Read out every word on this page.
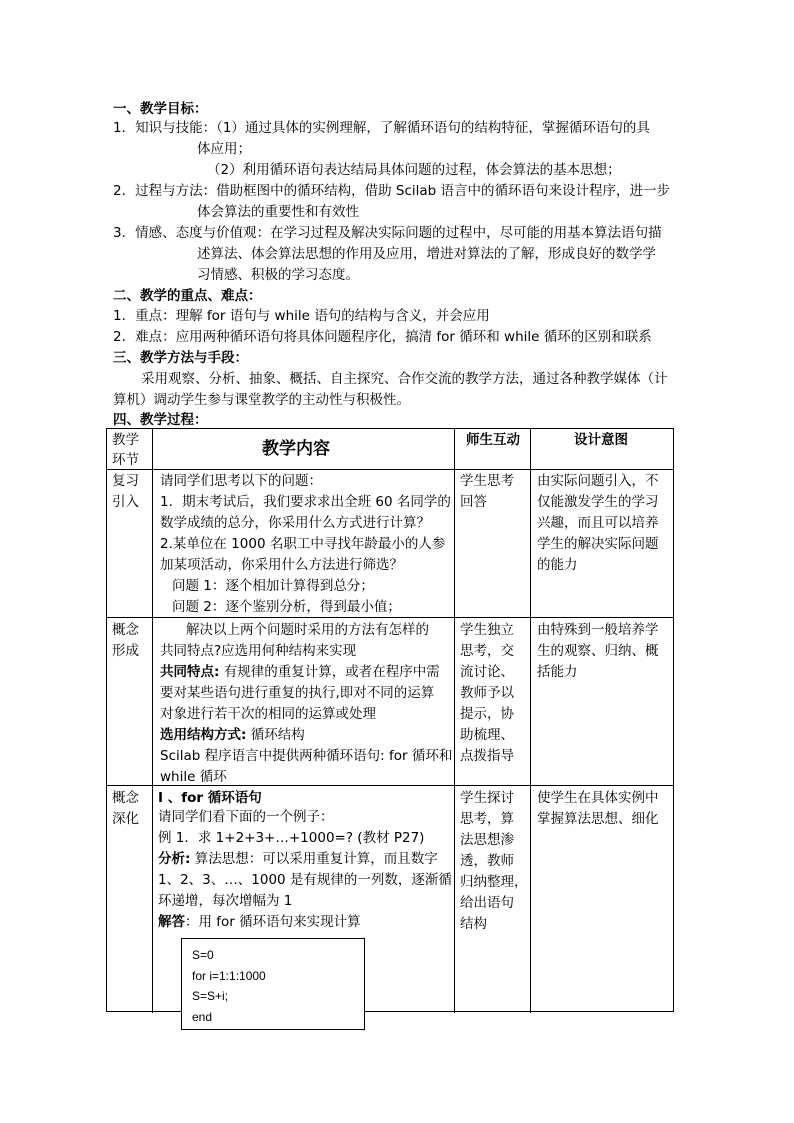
一、教学目标：
1．知识与技能：（1）通过具体的实例理解，了解循环语句的结构特征，掌握循环语句的具
体应用；
（2）利用循环语句表达结局具体问题的过程，体会算法的基本思想；
2．过程与方法：借助框图中的循环结构，借助 Scilab 语言中的循环语句来设计程序，进一步
体会算法的重要性和有效性
3．情感、态度与价值观：在学习过程及解决实际问题的过程中，尽可能的用基本算法语句描
述算法、体会算法思想的作用及应用，增进对算法的了解，形成良好的数学学
习情感、积极的学习态度。
二、教学的重点、难点：
1．重点：理解 for 语句与 while 语句的结构与含义，并会应用
2．难点：应用两种循环语句将具体问题程序化，搞清 for 循环和 while 循环的区别和联系
三、教学方法与手段：
采用观察、分析、抽象、概括、自主探究、合作交流的教学方法，通过各种教学媒体（计
算机）调动学生参与课堂教学的主动性与积极性。
四、教学过程：
教学
环节
教学内容	师生互动	设计意图
复习
引入
请同学们思考以下的问题：
1．期末考试后，我们要求求出全班 60 名同学的
数学成绩的总分，你采用什么方式进行计算？
2.某单位在 1000 名职工中寻找年龄最小的人参
加某项活动，你采用什么方法进行筛选？
问题 1：逐个相加计算得到总分；
问题 2：逐个鉴别分析，得到最小值；
学生思考
回答
由实际问题引入，不
仅能激发学生的学习
兴趣，而且可以培养
学生的解决实际问题
的能力
概念
形成
解决以上两个问题时采用的方法有怎样的
共同特点?应选用何种结构来实现
共同特点: 有规律的重复计算，或者在程序中需
要对某些语句进行重复的执行,即对不同的运算
对象进行若干次的相同的运算或处理
选用结构方式: 循环结构
Scilab 程序语言中提供两种循环语句: for 循环和
while 循环
学生独立
思考，交
流讨论、
教师予以
提示，协
助梳理、
点拨指导
由特殊到一般培养学
生的观察、归纳、概
括能力
概念
深化
Ⅰ 、for 循环语句
请同学们看下面的一个例子：
例 1．求 1+2+3+…+1000=? (教材 P27)
分析: 算法思想：可以采用重复计算，而且数字
1、2、3、…、1000 是有规律的一列数，逐渐循
环递增，每次增幅为 1
解答：用 for 循环语句来实现计算
学生探讨
思考，算
法思想渗
透，教师
归纳整理，
给出语句
结构
使学生在具体实例中
掌握算法思想、细化
S=0
for i=1:1:1000
S=S+i;
end
